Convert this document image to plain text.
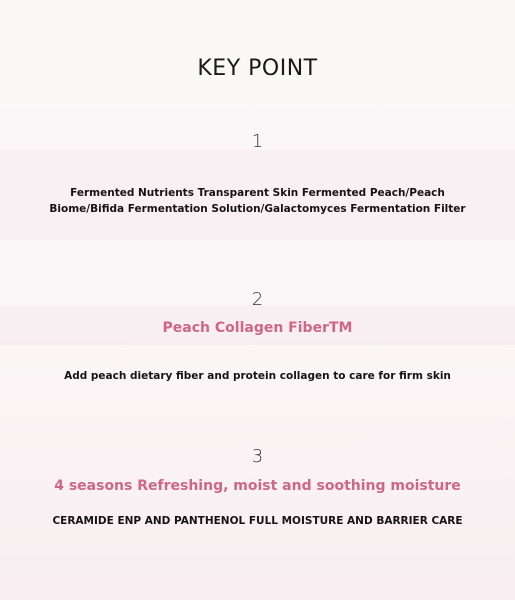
KEY POINT
1
Fermented Nutrients Transparent Skin Fermented Peach/Peach
Biome/Bifida Fermentation Solution/Galactomyces Fermentation Filter
2
Peach Collagen FiberTM
Add peach dietary fiber and protein collagen to care for firm skin
3
4 seasons Refreshing, moist and soothing moisture
CERAMIDE ENP AND PANTHENOL FULL MOISTURE AND BARRIER CARE
